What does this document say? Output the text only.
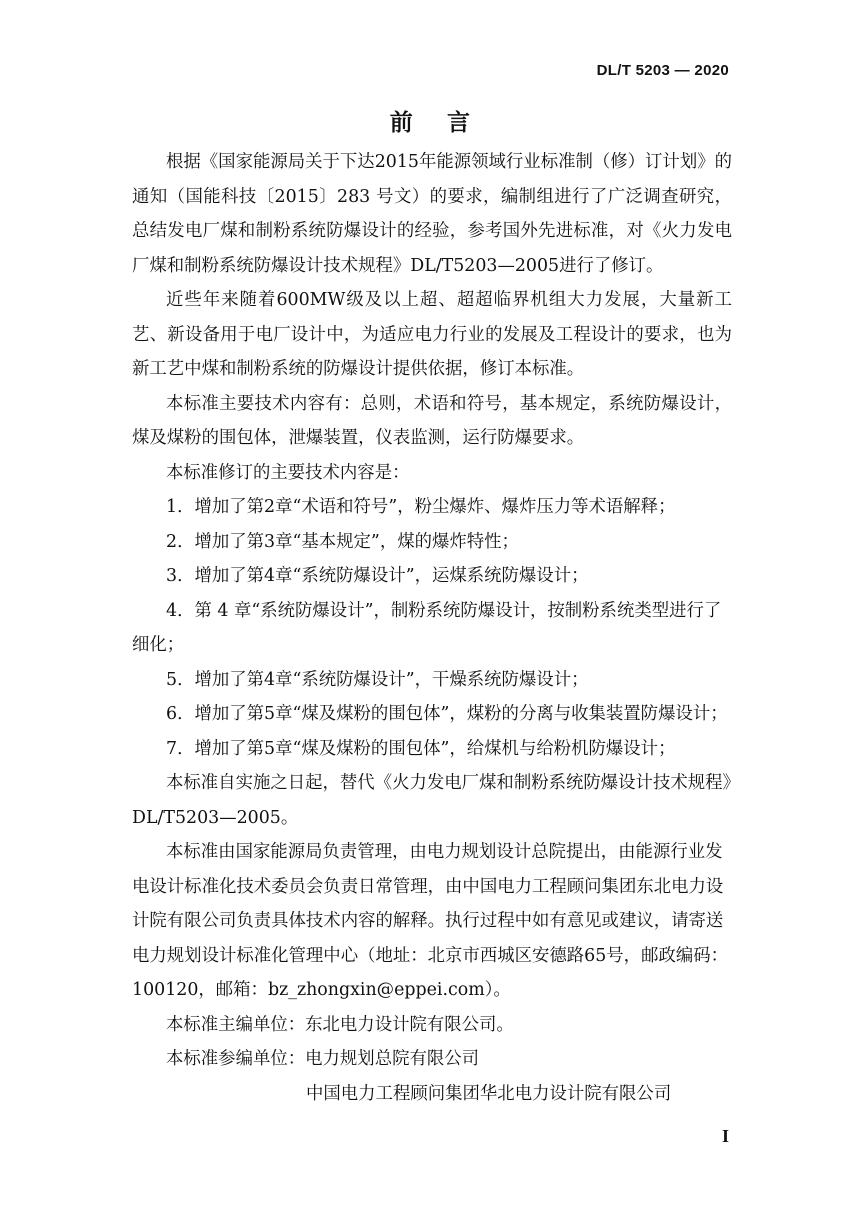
DL/T 5203 — 2020
前 言

根据《国家能源局关于下达2015年能源领域行业标准制（修）订计划》的通知（国能科技〔2015〕283 号文）的要求，编制组进行了广泛调查研究，总结发电厂煤和制粉系统防爆设计的经验，参考国外先进标准，对《火力发电厂煤和制粉系统防爆设计技术规程》DL/T5203—2005进行了修订。

近些年来随着600MW级及以上超、超超临界机组大力发展，大量新工艺、新设备用于电厂设计中，为适应电力行业的发展及工程设计的要求，也为新工艺中煤和制粉系统的防爆设计提供依据，修订本标准。

本标准主要技术内容有：总则，术语和符号，基本规定，系统防爆设计，煤及煤粉的围包体，泄爆装置，仪表监测，运行防爆要求。

本标准修订的主要技术内容是：

1．增加了第2章“术语和符号”，粉尘爆炸、爆炸压力等术语解释；

2．增加了第3章“基本规定”，煤的爆炸特性；

3．增加了第4章“系统防爆设计”，运煤系统防爆设计；

4．第 4 章“系统防爆设计”，制粉系统防爆设计，按制粉系统类型进行了细化；

5．增加了第4章“系统防爆设计”，干燥系统防爆设计；

6．增加了第5章“煤及煤粉的围包体”，煤粉的分离与收集装置防爆设计；

7．增加了第5章“煤及煤粉的围包体”，给煤机与给粉机防爆设计；

本标准自实施之日起，替代《火力发电厂煤和制粉系统防爆设计技术规程》DL/T5203—2005。

本标准由国家能源局负责管理，由电力规划设计总院提出，由能源行业发电设计标准化技术委员会负责日常管理，由中国电力工程顾问集团东北电力设计院有限公司负责具体技术内容的解释。执行过程中如有意见或建议，请寄送电力规划设计标准化管理中心（地址：北京市西城区安德路65号，邮政编码：100120，邮箱：bz_zhongxin@eppei.com）。

本标准主编单位：东北电力设计院有限公司。

本标准参编单位：电力规划总院有限公司

中国电力工程顾问集团华北电力设计院有限公司

I
